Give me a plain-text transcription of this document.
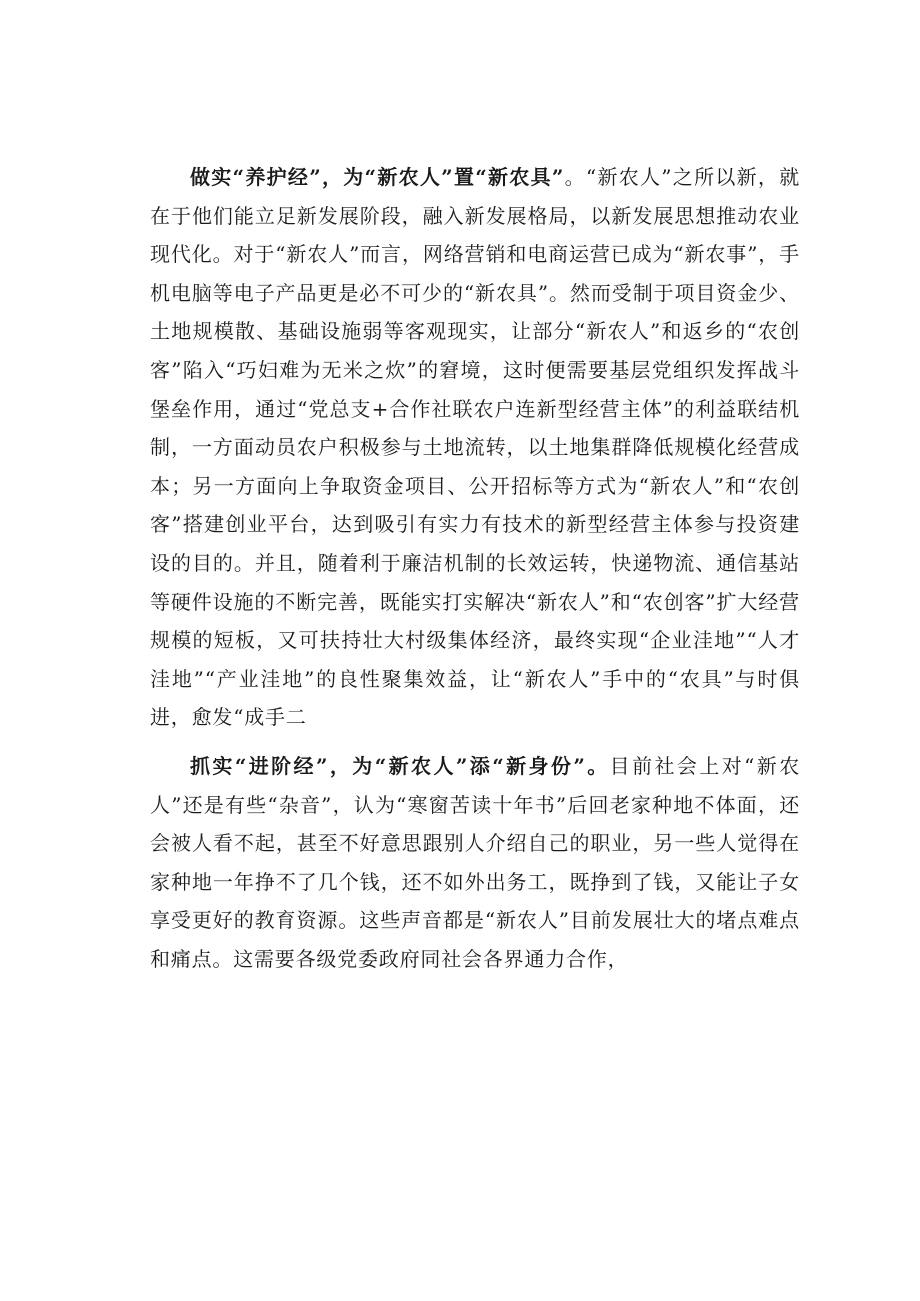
做实“养护经”，为“新农人”置“新农具”。“新农人”之所以新，就在于他们能立足新发展阶段，融入新发展格局，以新发展思想推动农业现代化。对于“新农人”而言，网络营销和电商运营已成为“新农事”，手机电脑等电子产品更是必不可少的“新农具”。然而受制于项目资金少、土地规模散、基础设施弱等客观现实，让部分“新农人”和返乡的“农创客”陷入“巧妇难为无米之炊”的窘境，这时便需要基层党组织发挥战斗堡垒作用，通过“党总支+合作社联农户连新型经营主体”的利益联结机制，一方面动员农户积极参与土地流转，以土地集群降低规模化经营成本；另一方面向上争取资金项目、公开招标等方式为“新农人”和“农创客”搭建创业平台，达到吸引有实力有技术的新型经营主体参与投资建设的目的。并且，随着利于廉洁机制的长效运转，快递物流、通信基站等硬件设施的不断完善，既能实打实解决“新农人”和“农创客”扩大经营规模的短板，又可扶持壮大村级集体经济，最终实现“企业洼地”“人才洼地”“产业洼地”的良性聚集效益，让“新农人”手中的“农具”与时俱进，愈发“成手二

抓实“进阶经”，为“新农人”添“新身份”。目前社会上对“新农人”还是有些“杂音”，认为“寒窗苦读十年书”后回老家种地不体面，还会被人看不起，甚至不好意思跟别人介绍自己的职业，另一些人觉得在家种地一年挣不了几个钱，还不如外出务工，既挣到了钱，又能让子女享受更好的教育资源。这些声音都是“新农人”目前发展壮大的堵点难点和痛点。这需要各级党委政府同社会各界通力合作，
